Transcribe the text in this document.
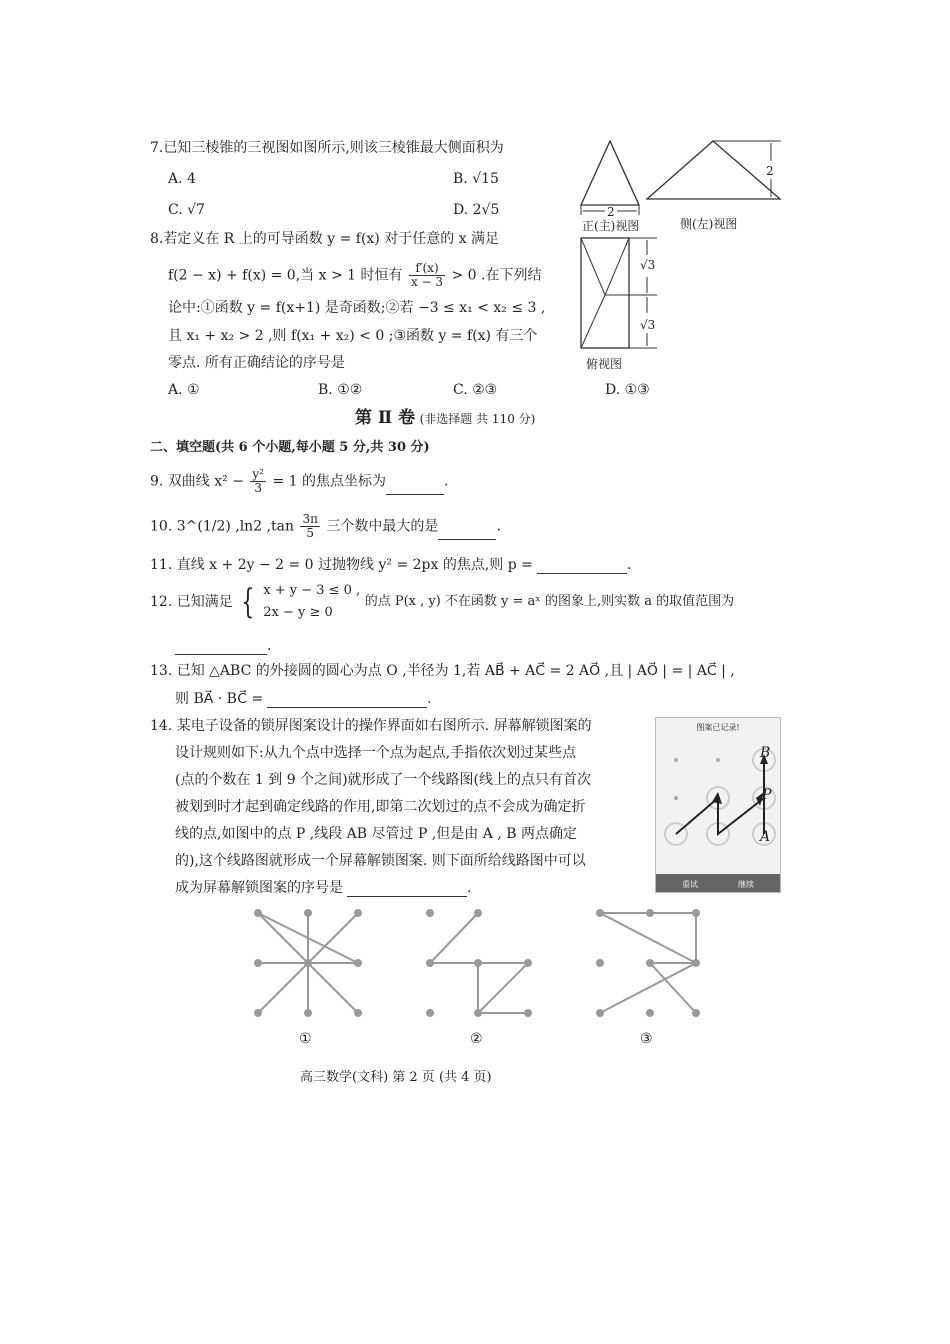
7.已知三棱锥的三视图如图所示,则该三棱锥最大侧面积为
A. 4	B. √15
C. √7	D. 2√5	2
2
√3
√3
正(主)视图	侧(左)视图
俯视图
8.若定义在 R 上的可导函数 y = f(x) 对于任意的 x 满足
f(2 − x) + f(x) = 0,当 x > 1 时恒有 $\frac{f'(x)}{x - 3} > 0$ .在下列结
论中:①函数 y = f(x+1) 是奇函数;②若 −3 ≤ x₁ < x₂ ≤ 3 ,
且 x₁ + x₂ > 2 ,则 f(x₁ + x₂) < 0 ;③函数 y = f(x) 有三个
零点. 所有正确结论的序号是
A. ①	B. ①②	C. ②③	D. ①③
第 Ⅱ 卷 (非选择题 共 110 分)
二、填空题(共 6 个小题,每小题 5 分,共 30 分)
9. 双曲线 $x^2 - \frac{\text{y²}}{3} = 1$ 的焦点坐标为	.
10. 3^(1/2) ,ln2 $,\tan \frac{3\pi}{5}$ 三个数中最大的是	.
11. 直线 x + 2y − 2 = 0 过抛物线 y² = 2px 的焦点,则 p =	.
12. 已知满足 { x + y − 3 ≤ 0 ,
2x − y ≥ 0
的点 P(x , y) 不在函数 y = aˣ 的图象上,则实数 a 的取值范围为
.
13. 已知 △ABC 的外接圆的圆心为点 O ,半径为 1,若 AB⃗ + AC⃗ = 2 AO⃗ ,且 | AO⃗ | = | AC⃗ | ,
则 BA⃗ · BC⃗ =	.
14. 某电子设备的锁屏图案设计的操作界面如右图所示. 屏幕解锁图案的
设计规则如下:从九个点中选择一个点为起点,手指依次划过某些点
(点的个数在 1 到 9 个之间)就形成了一个线路图(线上的点只有首次
被划到时才起到确定线路的作用,即第二次划过的点不会成为确定折
线的点,如图中的点 P ,线段 AB 尽管过 P ,但是由 A , B 两点确定
的),这个线路图就形成一个屏幕解锁图案. 则下面所给线路图中可以
成为屏幕解锁图案的序号是	.
图案已记录!
B
P
A
重试	继续
①	②	③
高三数学(文科) 第 2 页 (共 4 页)
